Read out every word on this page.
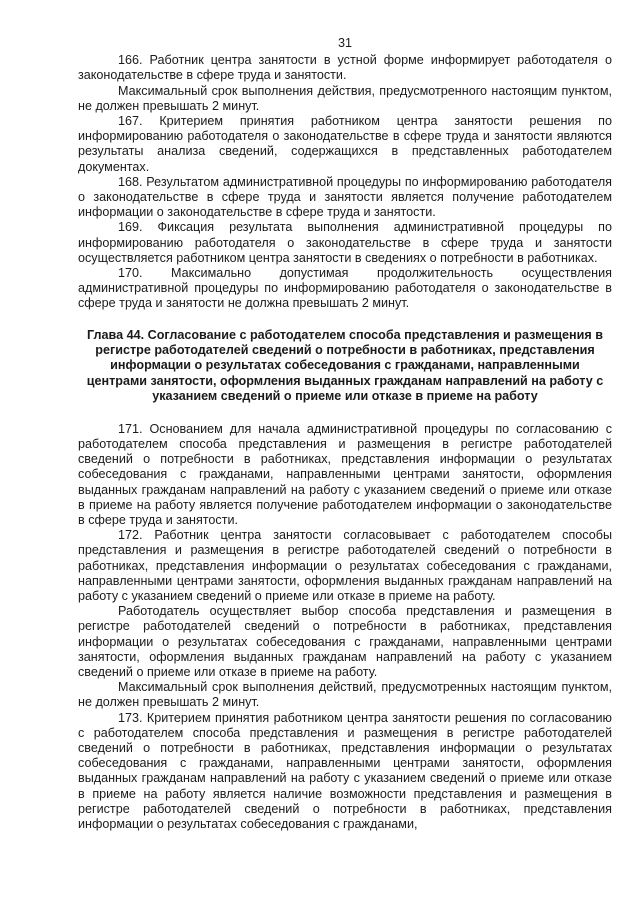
31

166. Работник центра занятости в устной форме информирует работодателя о законодательстве в сфере труда и занятости.

Максимальный срок выполнения действия, предусмотренного настоящим пунктом, не должен превышать 2 минут.

167. Критерием принятия работником центра занятости решения по информированию работодателя о законодательстве в сфере труда и занятости являются результаты анализа сведений, содержащихся в представленных работодателем документах.

168. Результатом административной процедуры по информированию работодателя о законодательстве в сфере труда и занятости является получение работодателем информации о законодательстве в сфере труда и занятости.

169. Фиксация результата выполнения административной процедуры по информированию работодателя о законодательстве в сфере труда и занятости осуществляется работником центра занятости в сведениях о потребности в работниках.

170. Максимально допустимая продолжительность осуществления административной процедуры по информированию работодателя о законодательстве в сфере труда и занятости не должна превышать 2 минут.

Глава 44. Согласование с работодателем способа представления и размещения в регистре работодателей сведений о потребности в работниках, представления информации о результатах собеседования с гражданами, направленными центрами занятости, оформления выданных гражданам направлений на работу с указанием сведений о приеме или отказе в приеме на работу

171. Основанием для начала административной процедуры по согласованию с работодателем способа представления и размещения в регистре работодателей сведений о потребности в работниках, представления информации о результатах собеседования с гражданами, направленными центрами занятости, оформления выданных гражданам направлений на работу с указанием сведений о приеме или отказе в приеме на работу является получение работодателем информации о законодательстве в сфере труда и занятости.

172. Работник центра занятости согласовывает с работодателем способы представления и размещения в регистре работодателей сведений о потребности в работниках, представления информации о результатах собеседования с гражданами, направленными центрами занятости, оформления выданных гражданам направлений на работу с указанием сведений о приеме или отказе в приеме на работу.

Работодатель осуществляет выбор способа представления и размещения в регистре работодателей сведений о потребности в работниках, представления информации о результатах собеседования с гражданами, направленными центрами занятости, оформления выданных гражданам направлений на работу с указанием сведений о приеме или отказе в приеме на работу.

Максимальный срок выполнения действий, предусмотренных настоящим пунктом, не должен превышать 2 минут.

173. Критерием принятия работником центра занятости решения по согласованию с работодателем способа представления и размещения в регистре работодателей сведений о потребности в работниках, представления информации о результатах собеседования с гражданами, направленными центрами занятости, оформления выданных гражданам направлений на работу с указанием сведений о приеме или отказе в приеме на работу является наличие возможности представления и размещения в регистре работодателей сведений о потребности в работниках, представления информации о результатах собеседования с гражданами,
